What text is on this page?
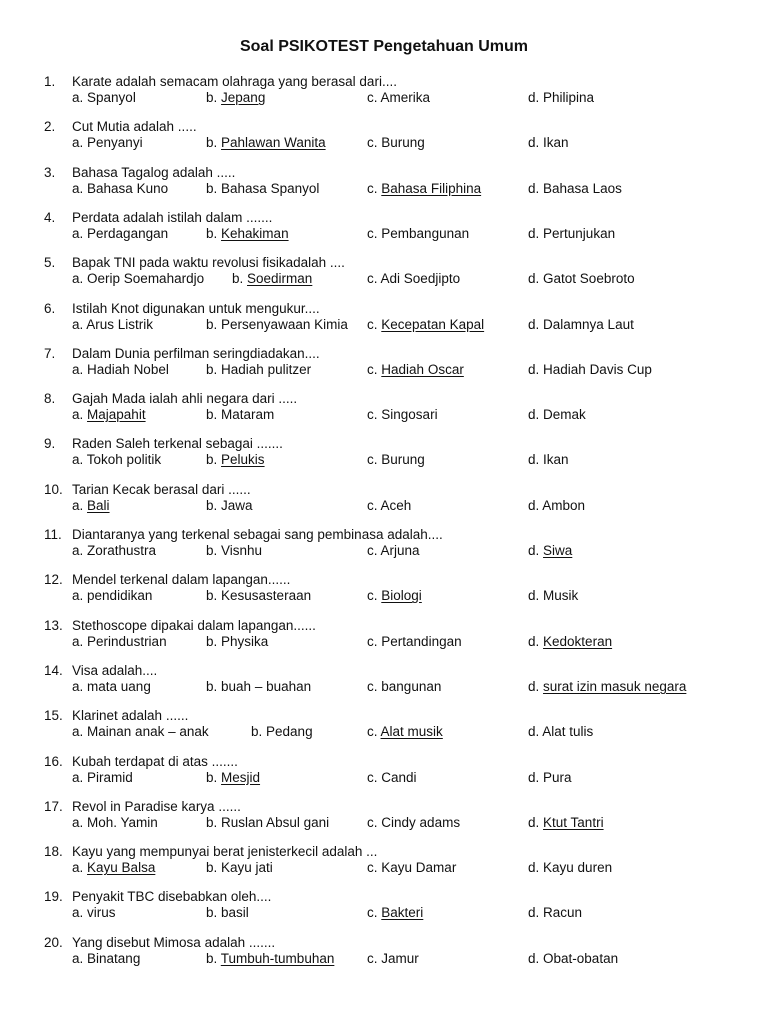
Soal PSIKOTEST Pengetahuan Umum
1. Karate adalah semacam olahraga yang berasal dari....
a. Spanyol	b. Jepang	c. Amerika	d. Philipina
2. Cut Mutia adalah .....
a. Penyanyi	b. Pahlawan Wanita	c. Burung	d. Ikan
3. Bahasa Tagalog adalah .....
a. Bahasa Kuno	b. Bahasa Spanyol	c. Bahasa Filiphina	d. Bahasa Laos
4. Perdata adalah istilah dalam .......
a. Perdagangan	b. Kehakiman	c. Pembangunan	d. Pertunjukan
5. Bapak TNI pada waktu revolusi fisikadalah ....
a. Oerip Soemahardjo b. Soedirman	c. Adi Soedjipto	d. Gatot Soebroto
6. Istilah Knot digunakan untuk mengukur....
a. Arus Listrik	b. Persenyawaan Kimia c. Kecepatan Kapal	d. Dalamnya Laut
7. Dalam Dunia perfilman seringdiadakan....
a. Hadiah Nobel	b. Hadiah pulitzer	c. Hadiah Oscar	d. Hadiah Davis Cup
8. Gajah Mada ialah ahli negara dari .....
a. Majapahit	b. Mataram	c. Singosari	d. Demak
9. Raden Saleh terkenal sebagai .......
a. Tokoh politik	b. Pelukis	c. Burung	d. Ikan
10. Tarian Kecak berasal dari ......
a. Bali	b. Jawa	c. Aceh	d. Ambon
11. Diantaranya yang terkenal sebagai sang pembinasa adalah....
a. Zorathustra	b. Visnhu	c. Arjuna	d. Siwa
12. Mendel terkenal dalam lapangan......
a. pendidikan	b. Kesusasteraan	c. Biologi	d. Musik
13. Stethoscope dipakai dalam lapangan......
a. Perindustrian	b. Physika	c. Pertandingan	d. Kedokteran
14. Visa adalah....
a. mata uang	b. buah – buahan	c. bangunan	d. surat izin masuk negara
15. Klarinet adalah ......
a. Mainan anak – anak	b. Pedang	c. Alat musik	d. Alat tulis
16. Kubah terdapat di atas .......
a. Piramid	b. Mesjid	c. Candi	d. Pura
17. Revol in Paradise karya ......
a. Moh. Yamin	b. Ruslan Absul gani	c. Cindy adams	d. Ktut Tantri
18. Kayu yang mempunyai berat jenisterkecil adalah ...
a. Kayu Balsa	b. Kayu jati	c. Kayu Damar	d. Kayu duren
19. Penyakit TBC disebabkan oleh....
a. virus	b. basil	c. Bakteri	d. Racun
20. Yang disebut Mimosa adalah .......
a. Binatang	b. Tumbuh-tumbuhan c. Jamur	d. Obat-obatan
